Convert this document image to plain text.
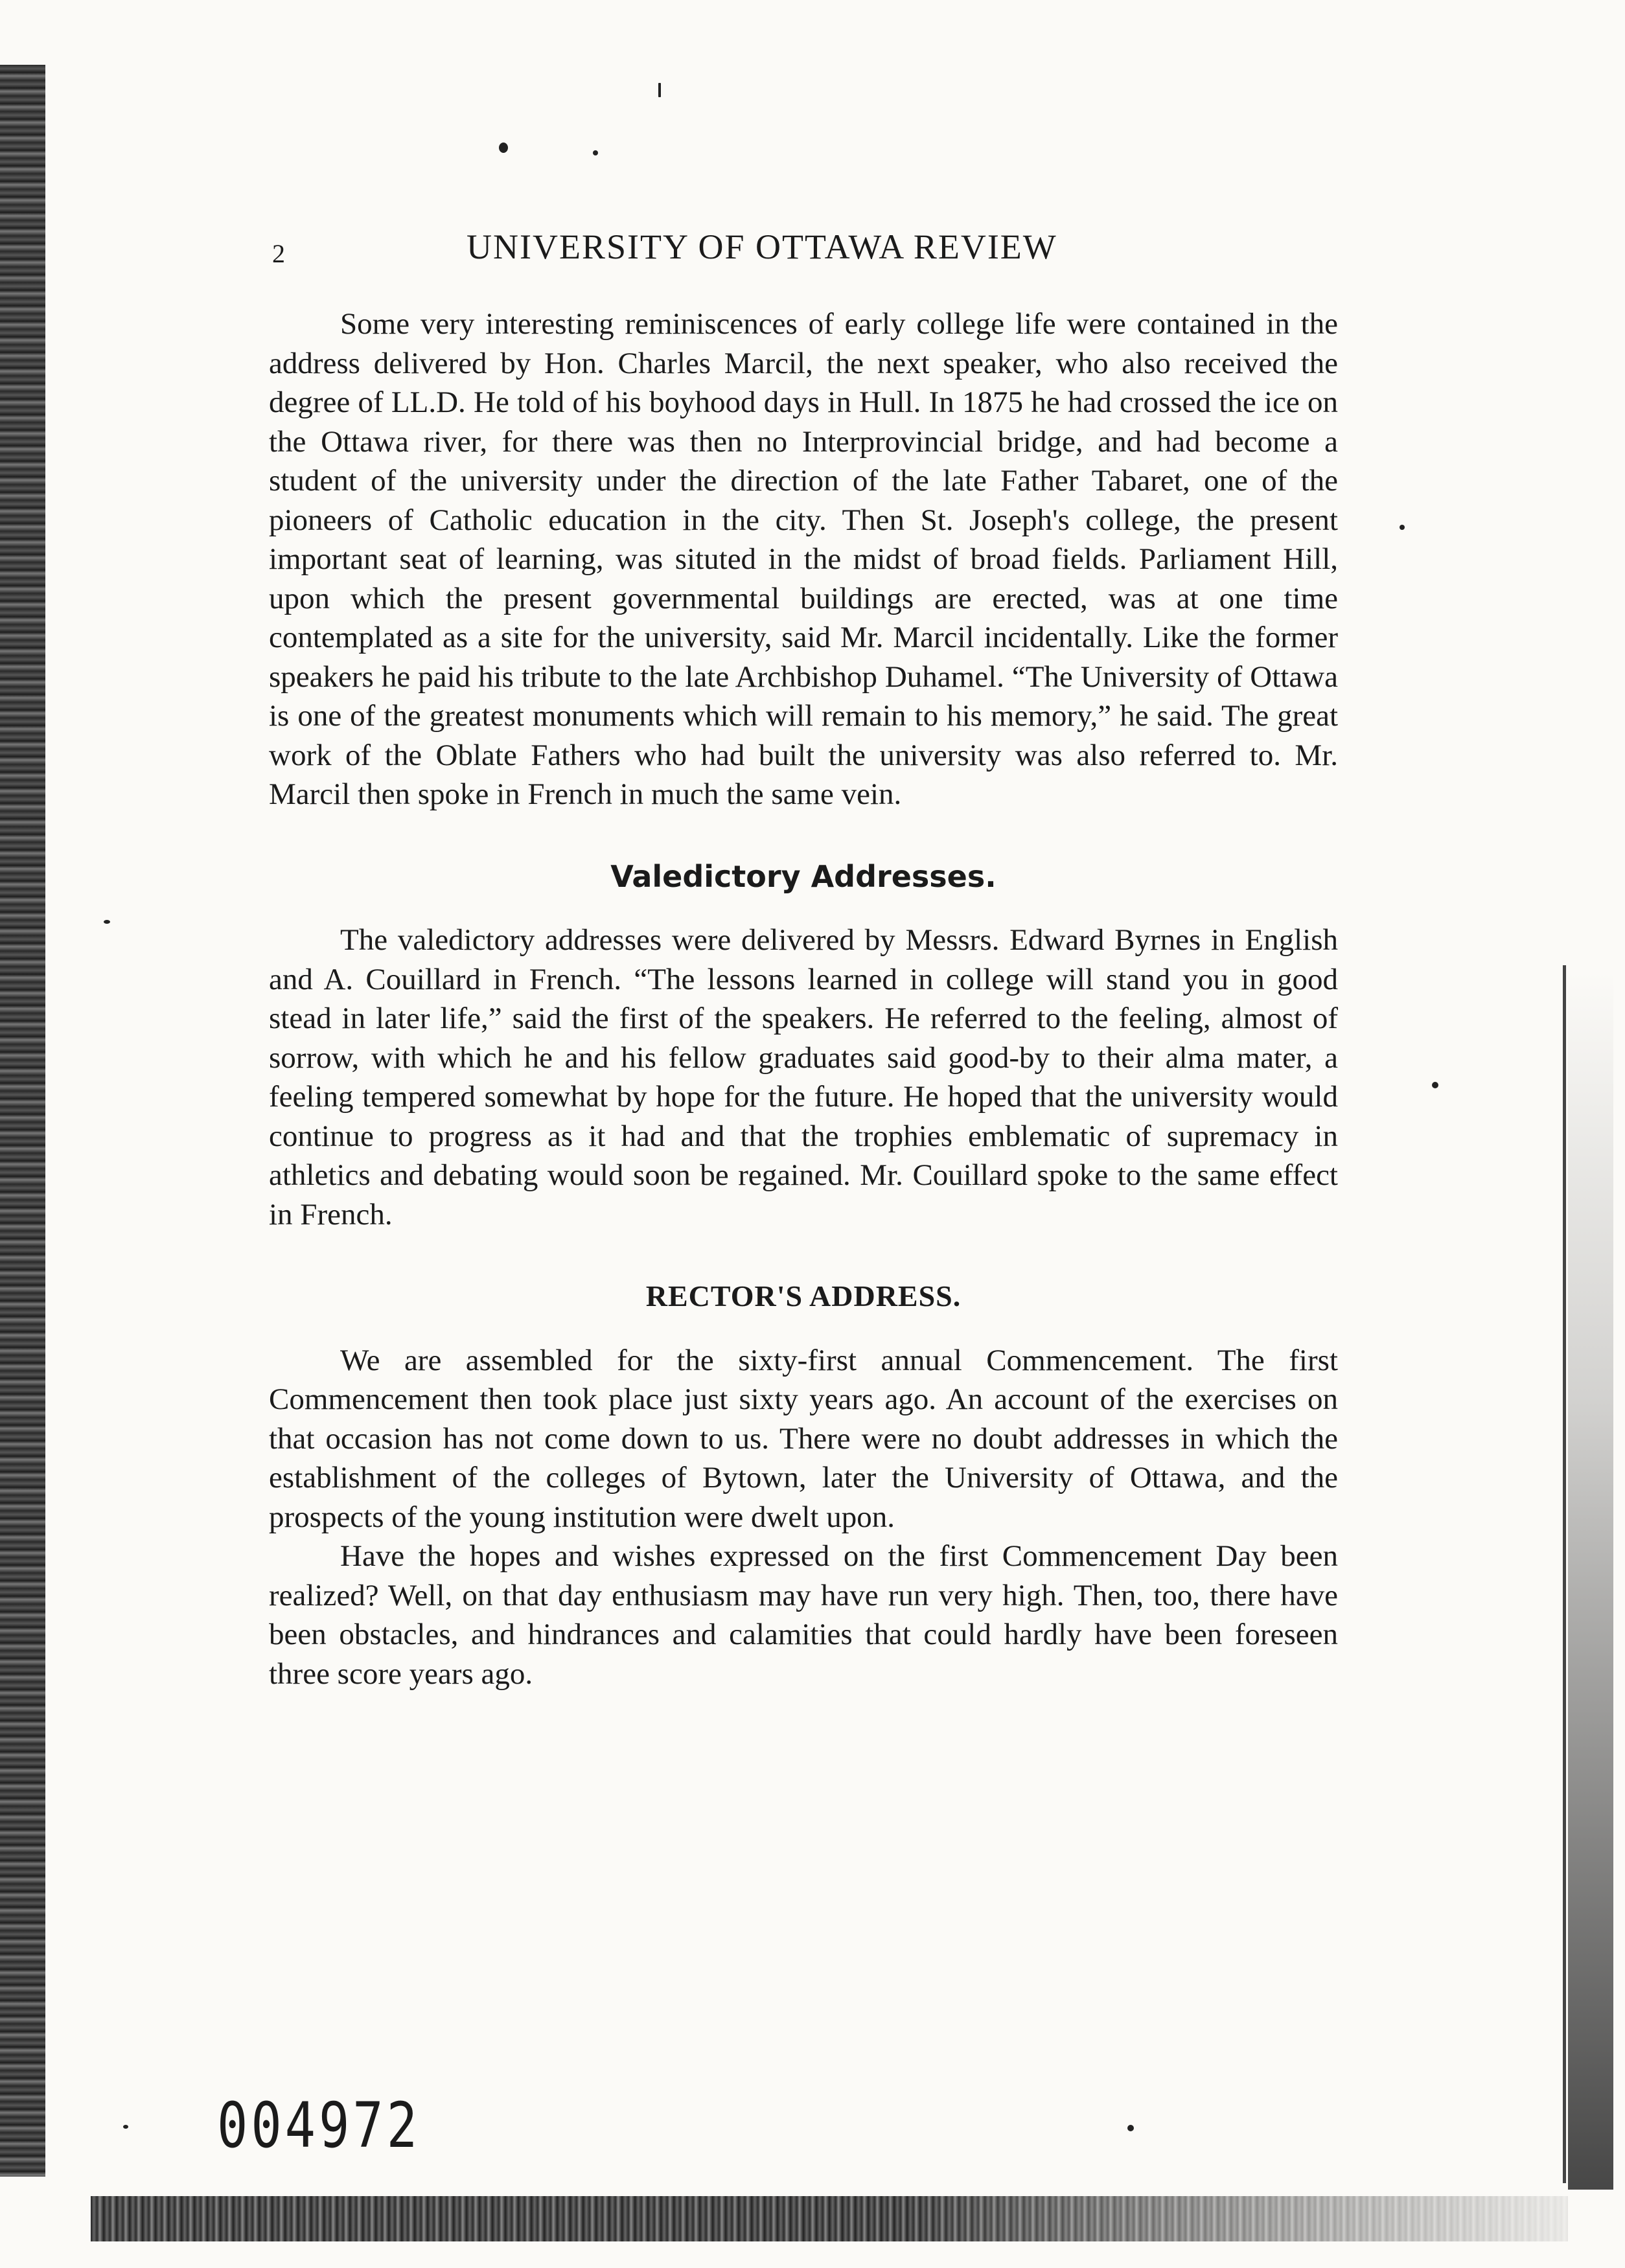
2	UNIVERSITY OF OTTAWA REVIEW

Some very interesting reminiscences of early college life were contained in the address delivered by Hon. Charles Marcil, the next speaker, who also received the degree of LL.D. He told of his boyhood days in Hull. In 1875 he had crossed the ice on the Ottawa river, for there was then no Interprovincial bridge, and had become a student of the university under the direction of the late Father Tabaret, one of the pioneers of Catholic education in the city. Then St. Joseph's college, the present important seat of learning, was situted in the midst of broad fields. Parliament Hill, upon which the present governmental buildings are erected, was at one time contemplated as a site for the university, said Mr. Marcil incidentally. Like the former speakers he paid his tribute to the late Archbishop Duhamel. “The University of Ottawa is one of the greatest monuments which will remain to his memory,” he said. The great work of the Oblate Fathers who had built the university was also referred to. Mr. Marcil then spoke in French in much the same vein.

Valedictory Addresses.

The valedictory addresses were delivered by Messrs. Edward Byrnes in English and A. Couillard in French. “The lessons learned in college will stand you in good stead in later life,” said the first of the speakers. He referred to the feeling, almost of sorrow, with which he and his fellow graduates said good-by to their alma mater, a feeling tempered somewhat by hope for the future. He hoped that the university would continue to progress as it had and that the trophies emblematic of supremacy in athletics and debating would soon be regained. Mr. Couillard spoke to the same effect in French.

RECTOR'S ADDRESS.

We are assembled for the sixty-first annual Commencement. The first Commencement then took place just sixty years ago. An account of the exercises on that occasion has not come down to us. There were no doubt addresses in which the establishment of the colleges of Bytown, later the University of Ottawa, and the prospects of the young institution were dwelt upon.

Have the hopes and wishes expressed on the first Commencement Day been realized? Well, on that day enthusiasm may have run very high. Then, too, there have been obstacles, and hindrances and calamities that could hardly have been foreseen three score years ago.

004972
